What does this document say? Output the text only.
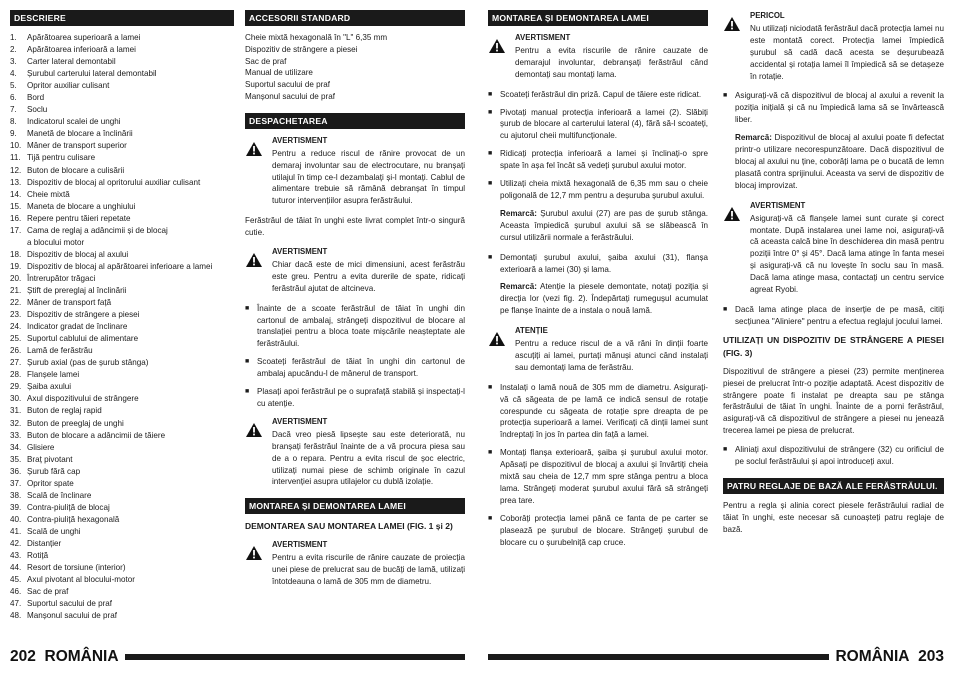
DESCRIERE
1.	Apărătoarea superioară a lamei
2.	Apărătoarea inferioară a lamei
3.	Carter lateral demontabil
4.	Șurubul carterului lateral demontabil
5.	Opritor auxiliar culisant
6.	Bord
7.	Soclu
8.	Indicatorul scalei de unghi
9.	Manetă de blocare a înclinării
10. Mâner de transport superior
11. Tijă pentru culisare
12. Buton de blocare a culisării
13. Dispozitiv de blocaj al opritorului auxiliar culisant
14. Cheie mixtă
15. Maneta de blocare a unghiului
16. Repere pentru tăieri repetate
17. Cama de reglaj a adâncimii și de blocaj
a blocului motor
18. Dispozitiv de blocaj al axului
19. Dispozitiv de blocaj al apărătoarei inferioare a lamei
20. Întrerupător trăgaci
21. Știft de prereglaj al înclinării
22. Mâner de transport față
23. Dispozitiv de strângere a piesei
24. Indicator gradat de înclinare
25. Suportul cablului de alimentare
26. Lamă de ferăstrău
27. Șurub axial (pas de șurub stânga)
28. Flanșele lamei
29. Șaiba axului
30. Axul dispozitivului de strângere
31. Buton de reglaj rapid
32. Buton de preeglaj de unghi
33. Buton de blocare a adâncimii de tăiere
34. Glisiere
35. Braț pivotant
36. Șurub fără cap
37. Opritor spate
38. Scală de înclinare
39. Contra-piuliță de blocaj
40. Contra-piuliță hexagonală
41. Scală de unghi
42. Distanțier
43. Rotiță
44. Resort de torsiune (interior)
45. Axul pivotant al blocului-motor
46. Sac de praf
47. Suportul sacului de praf
48. Manșonul sacului de praf
ACCESORII STANDARD
Cheie mixtă hexagonală în "L" 6,35 mm
Dispozitiv de strângere a piesei
Sac de praf
Manual de utilizare
Suportul sacului de praf
Manșonul sacului de praf
DESPACHETAREA
AVERTISMENT
Pentru a reduce riscul de rănire provocat de un demaraj involuntar sau de electrocutare, nu branșați utilajul în timp ce-l dezambalați și-l montați. Cablul de alimentare trebuie să rămână debranșat în timpul tuturor intervențiilor asupra ferăstrăului.
Ferăstrăul de tăiat în unghi este livrat complet într-o singură cutie.
AVERTISMENT
Chiar dacă este de mici dimensiuni, acest ferăstrău este greu. Pentru a evita durerile de spate, ridicați ferăstrăul ajutat de altcineva.
■ Înainte de a scoate ferăstrăul de tăiat în unghi din cartonul de ambalaj, strângeți dispozitivul de blocare al translației pentru a bloca toate mișcările neașteptate ale ferăstrăului.
■ Scoateți ferăstrăul de tăiat în unghi din cartonul de ambalaj apucându-l de mânerul de transport.
■ Plasați apoi ferăstrăul pe o suprafață stabilă și inspectați-l cu atenție.
AVERTISMENT
Dacă vreo piesă lipsește sau este deteriorată, nu branșați ferăstrăul înainte de a vă procura piesa sau de a o repara. Pentru a evita riscul de șoc electric, utilizați numai piese de schimb originale în cazul intervenției asupra utilajelor cu dublă izolație.
MONTAREA ȘI DEMONTAREA LAMEI
DEMONTAREA SAU MONTAREA LAMEI (FIG. 1 și 2)
AVERTISMENT
Pentru a evita riscurile de rănire cauzate de proiecția unei piese de prelucrat sau de bucăți de lamă, utilizați întotdeauna o lamă de 305 mm de diametru.
MONTAREA ȘI DEMONTAREA LAMEI
AVERTISMENT
Pentru a evita riscurile de rănire cauzate de demarajul involuntar, debranșați ferăstrăul când demontați sau montați lama.
■ Scoateți ferăstrăul din priză. Capul de tăiere este ridicat.
■ Pivotați manual protecția inferioară a lamei (2). Slăbiți șurub de blocare al carterului lateral (4), fără să-l scoateți, cu ajutorul cheii multifuncționale.
■ Ridicați protecția inferioară a lamei și înclinați-o spre spate în așa fel încât să vedeți șurubul axului motor.
■ Utilizați cheia mixtă hexagonală de 6,35 mm sau o cheie poligonală de 12,7 mm pentru a deșuruba șurubul axului.
Remarcă: Șurubul axului (27) are pas de șurub stânga. Aceasta împiedică șurubul axului să se slăbească în cursul utilizării normale a ferăstrăului.
■ Demontați șurubul axului, șaiba axului (31), flanșa exterioară a lamei (30) și lama.
Remarcă: Atenție la piesele demontate, notați poziția și direcția lor (vezi fig. 2). Îndepărtați rumegușul acumulat pe flanșe înainte de a instala o nouă lamă.
ATENȚIE
Pentru a reduce riscul de a vă răni în dinții foarte ascuțiți ai lamei, purtați mănuși atunci când instalați sau demontați lama de ferăstrău.
■ Instalați o lamă nouă de 305 mm de diametru. Asigurați-vă că săgeata de pe lamă ce indică sensul de rotație corespunde cu săgeata de rotație spre dreapta de pe protecția superioară a lamei. Verificați că dinții lamei sunt îndreptați în jos în partea din față a lamei.
■ Montați flanșa exterioară, șaiba și șurubul axului motor. Apăsați pe dispozitivul de blocaj a axului și învârtiți cheia mixtă sau cheia de 12,7 mm spre stânga pentru a bloca lama. Strângeți moderat șurubul axului fără să strângeți prea tare.
■ Coborâți protecția lamei până ce fanta de pe carter se plasează pe șurubul de blocare. Strângeți șurubul de blocare cu o șurubelniță cap cruce.
PERICOL
Nu utilizați niciodată ferăstrăul dacă protecția lamei nu este montată corect. Protecția lamei împiedică șurubul să cadă dacă acesta se deșurubează accidental și rotația lamei îl împiedică să se detașeze în rotație.
■ Asigurați-vă că dispozitivul de blocaj al axului a revenit la poziția inițială și că nu împiedică lama să se învârtească liber.
Remarcă: Dispozitivul de blocaj al axului poate fi defectat printr-o utilizare necorespunzătoare. Dacă dispozitivul de blocaj al axului nu ține, coborâți lama pe o bucată de lemn plasată contra sprijinului. Aceasta va servi de dispozitiv de blocaj improvizat.
AVERTISMENT
Asigurați-vă că flanșele lamei sunt curate și corect montate. După instalarea unei lame noi, asigurați-vă că aceasta calcă bine în deschiderea din masă pentru poziții între 0° și 45°. Dacă lama atinge în fanta mesei și asigurați-vă că nu lovește în soclu sau în masă. Dacă lama atinge masa, contactați un centru service agreat Ryobi.
■ Dacă lama atinge placa de inserție de pe masă, citiți secțiunea "Aliniere" pentru a efectua reglajul jocului lamei.
UTILIZAȚI UN DISPOZITIV DE STRÂNGERE A PIESEI (FIG. 3)
Dispozitivul de strângere a piesei (23) permite menținerea piesei de prelucrat într-o poziție adaptată. Acest dispozitiv de strângere poate fi instalat pe dreapta sau pe stânga ferăstrăului de tăiat în unghi. Înainte de a porni ferăstrăul, asigurați-vă că dispozitivul de strângere a piesei nu jenează trecerea lamei pe piesa de prelucrat.
■ Aliniați axul dispozitivului de strângere (32) cu orificiul de pe soclul ferăstrăului și apoi introduceți axul.
PATRU REGLAJE DE BAZĂ ALE FERĂSTRĂULUI.
Pentru a regla și alinia corect piesele ferăstrăului radial de tăiat în unghi, este necesar să cunoașteți patru reglaje de bază.
202 ROMÂNIA	ROMÂNIA 203
